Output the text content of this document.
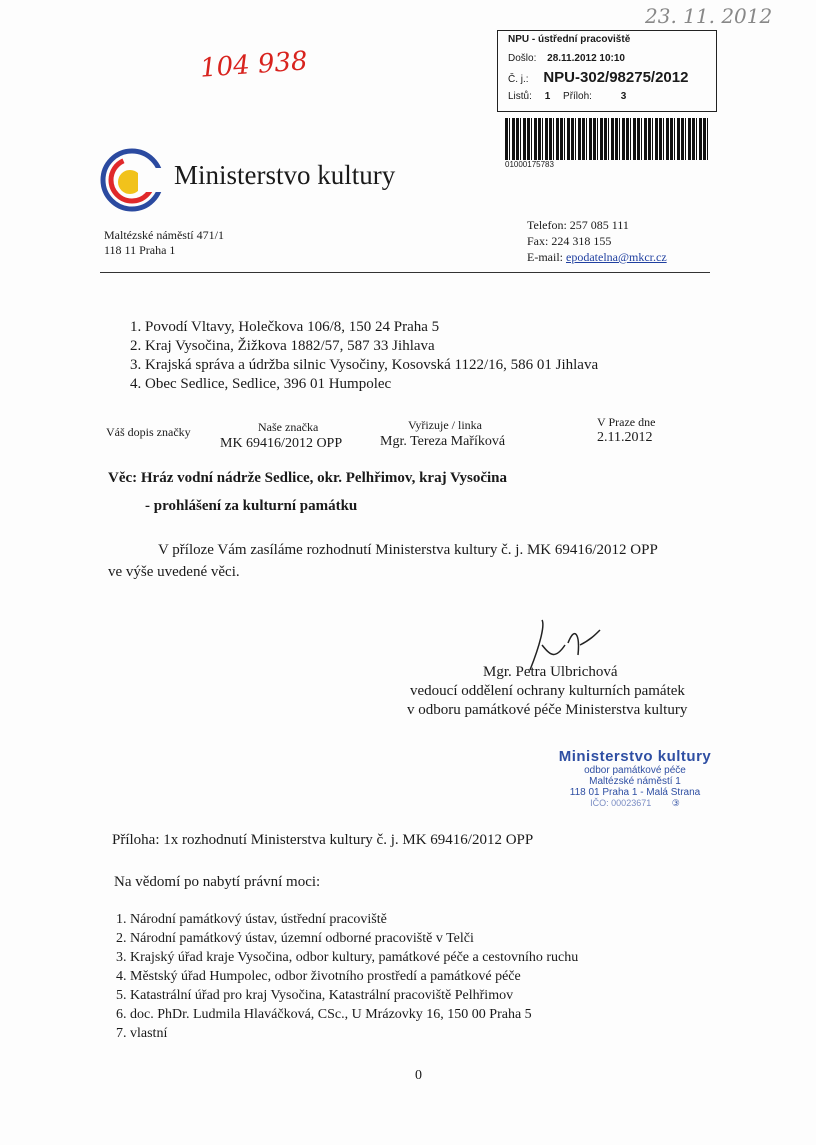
104 938
23. 11. 2012
NPU - ústřední pracoviště
Došlo: 28.11.2012 10:10
Č. j.: NPU-302/98275/2012
Listů: 1 Příloh:	3
01000175783
Ministerstvo kultury
Maltézské náměstí 471/1
118 11 Praha 1
Telefon: 257 085 111
Fax: 224 318 155
E-mail: epodatelna@mkcr.cz
1. Povodí Vltavy, Holečkova 106/8, 150 24 Praha 5
2. Kraj Vysočina, Žižkova 1882/57, 587 33 Jihlava
3. Krajská správa a údržba silnic Vysočiny, Kosovská 1122/16, 586 01 Jihlava
4. Obec Sedlice, Sedlice, 396 01 Humpolec
Váš dopis značky	Naše značka
MK 69416/2012 OPP
Vyřizuje / linka
Mgr. Tereza Maříková
V Praze dne
2.11.2012
Věc: Hráz vodní nádrže Sedlice, okr. Pelhřimov, kraj Vysočina
- prohlášení za kulturní památku
V příloze Vám zasíláme rozhodnutí Ministerstva kultury č. j. MK 69416/2012 OPP
ve výše uvedené věci.
Mgr. Petra Ulbrichová
vedoucí oddělení ochrany kulturních památek
v odboru památkové péče Ministerstva kultury
Ministerstvo kultury
odbor památkové péče
Maltézské náměstí 1
118 01 Praha 1 - Malá Strana
IČO: 00023671 ③
Příloha: 1x rozhodnutí Ministerstva kultury č. j. MK 69416/2012 OPP
Na vědomí po nabytí právní moci:
1. Národní památkový ústav, ústřední pracoviště
2. Národní památkový ústav, územní odborné pracoviště v Telči
3. Krajský úřad kraje Vysočina, odbor kultury, památkové péče a cestovního ruchu
4. Městský úřad Humpolec, odbor životního prostředí a památkové péče
5. Katastrální úřad pro kraj Vysočina, Katastrální pracoviště Pelhřimov
6. doc. PhDr. Ludmila Hlaváčková, CSc., U Mrázovky 16, 150 00 Praha 5
7. vlastní
0
